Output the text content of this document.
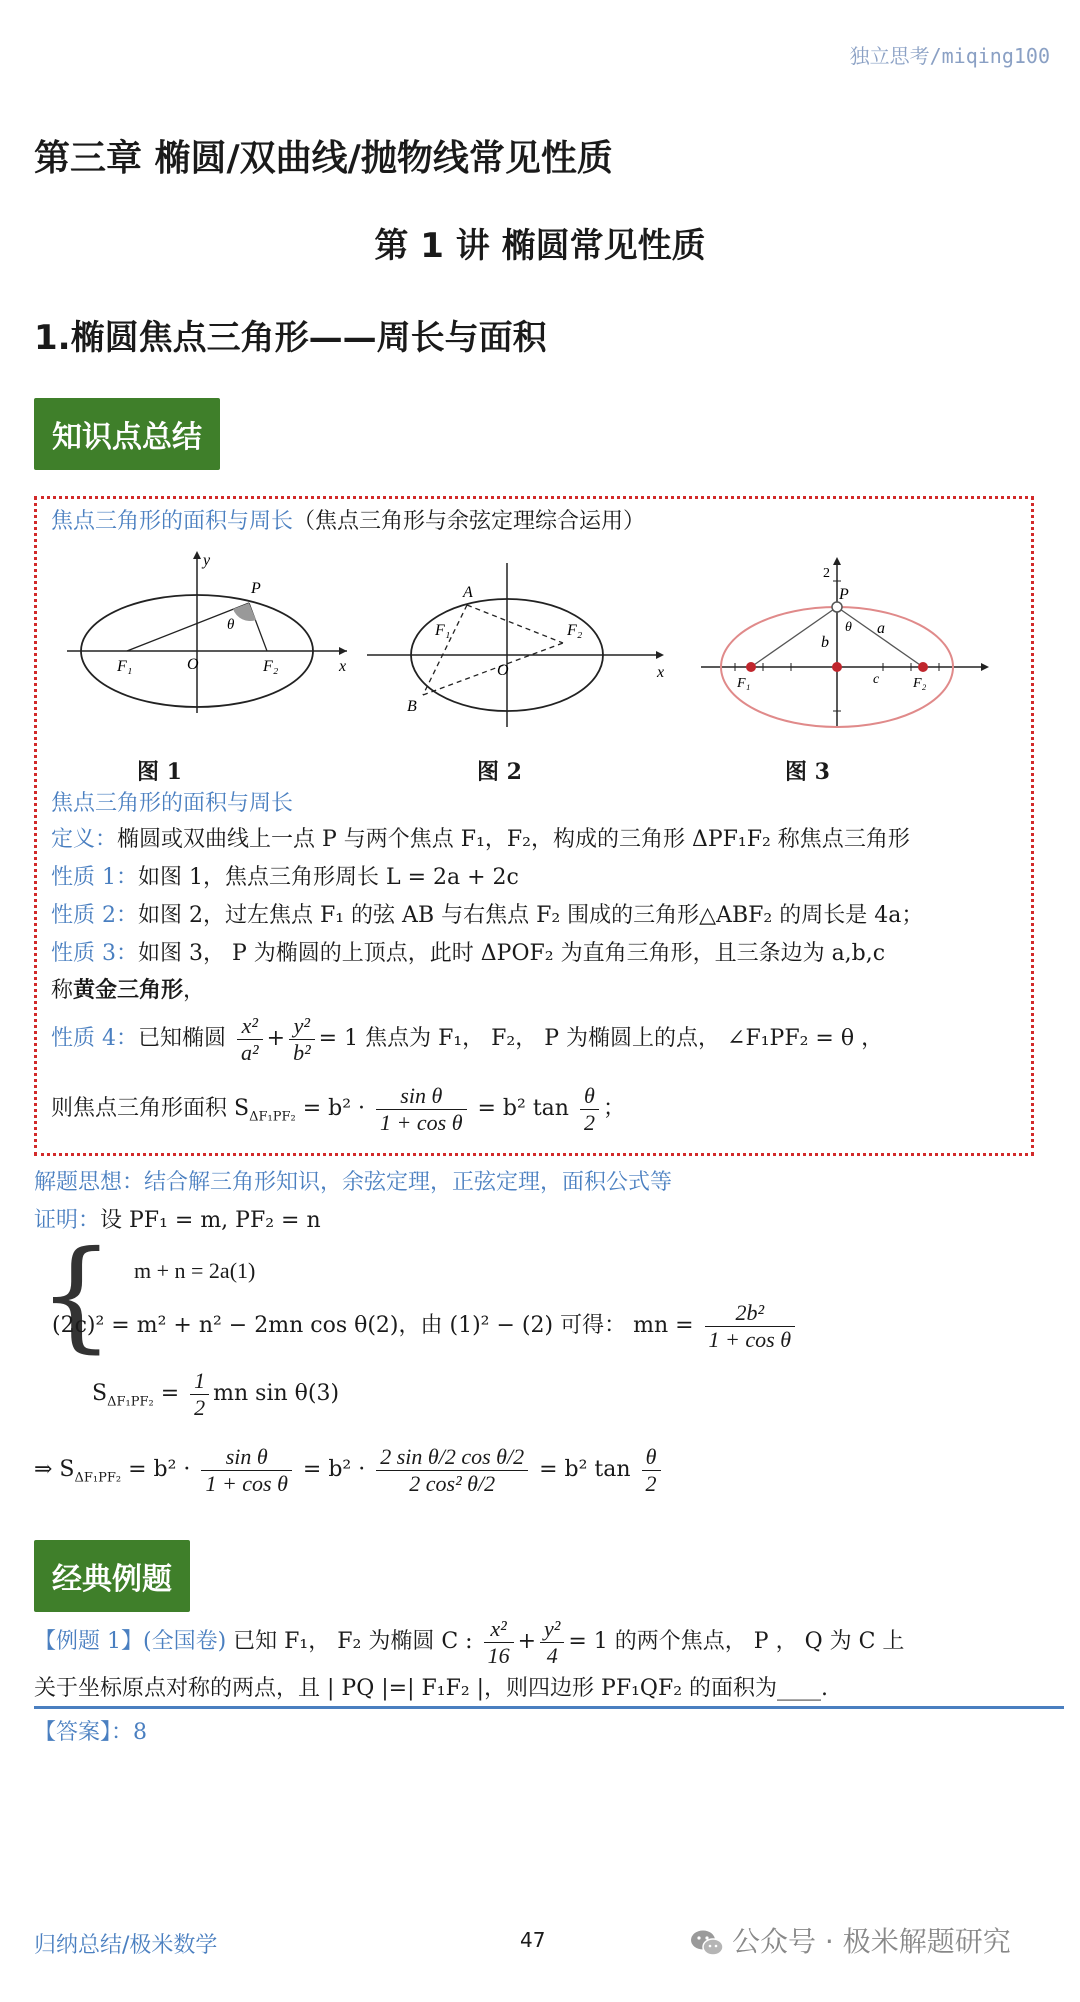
独立思考/miqing100
第三章 椭圆/双曲线/抛物线常见性质
第 1 讲 椭圆常见性质
1.椭圆焦点三角形——周长与面积
知识点总结
焦点三角形的面积与周长（焦点三角形与余弦定理综合运用）
P
θ
F₁	O	F₂
y
x
A
F₁	F₂
O
B
x
2
P
θ a
b
c
F₁	F₂
图 1	图 2	图 3
焦点三角形的面积与周长
定义：椭圆或双曲线上一点 P 与两个焦点 F₁，F₂，构成的三角形 ΔPF₁F₂ 称焦点三角形
性质 1：如图 1，焦点三角形周长 L = 2a + 2c
性质 2：如图 2，过左焦点 F₁ 的弦 AB 与右焦点 F₂ 围成的三角形△ABF₂ 的周长是 4a；
性质 3：如图 3， P 为椭圆的上顶点，此时 ΔPOF₂ 为直角三角形，且三条边为 a,b,c
称黄金三角形，
性质 4：已知椭圆 $\frac{\text{x²}}{\text{a²}} + \frac{\text{y²}}{\text{b²}} = 1$ 焦点为 F₁， F₂， P 为椭圆上的点， ∠F₁PF₂ = θ ，
则焦点三角形面积 $S_{\Delta F_1PF_2} = b^2 \cdot \frac{\text{sin θ}}{\text{1 + cos θ}} = b^2$ $\tan \frac{\theta}{2}$ ；
解题思想：结合解三角形知识，余弦定理，正弦定理，面积公式等
证明：设 PF₁ = m, PF₂ = n
{ m + n = 2a(1)
(2c)² = m² + n² − 2mn cos θ(2)，由 (1)² − (2) 可得： mn = $\frac{\text{2b²}}{\text{1 + cos θ}}$
$S_{\Delta F_1PF_2} = \frac{1}{2}$ mn sin θ(3)
⇒ $S_{\Delta F_1PF_2} = b^2 \cdot \frac{\text{sin θ}}{\text{1 + cos θ}} = b^2 \cdot \frac{\text{2 sin θ/2 cos θ/2}}{\text{2 cos² θ/2}} = b^2$ $\tan \frac{\theta}{2}$
经典例题
【例题 1】(全国卷) 已知 F₁， F₂ 为椭圆 C : $\frac{\text{x²}}{16} + \frac{\text{y²}}{4} = 1$ 的两个焦点， P ， Q 为 C 上
关于坐标原点对称的两点，且 | PQ |=| F₁F₂ |，则四边形 PF₁QF₂ 的面积为____.
【答案】：8
归纳总结/极米数学	47	公众号 · 极米解题研究
